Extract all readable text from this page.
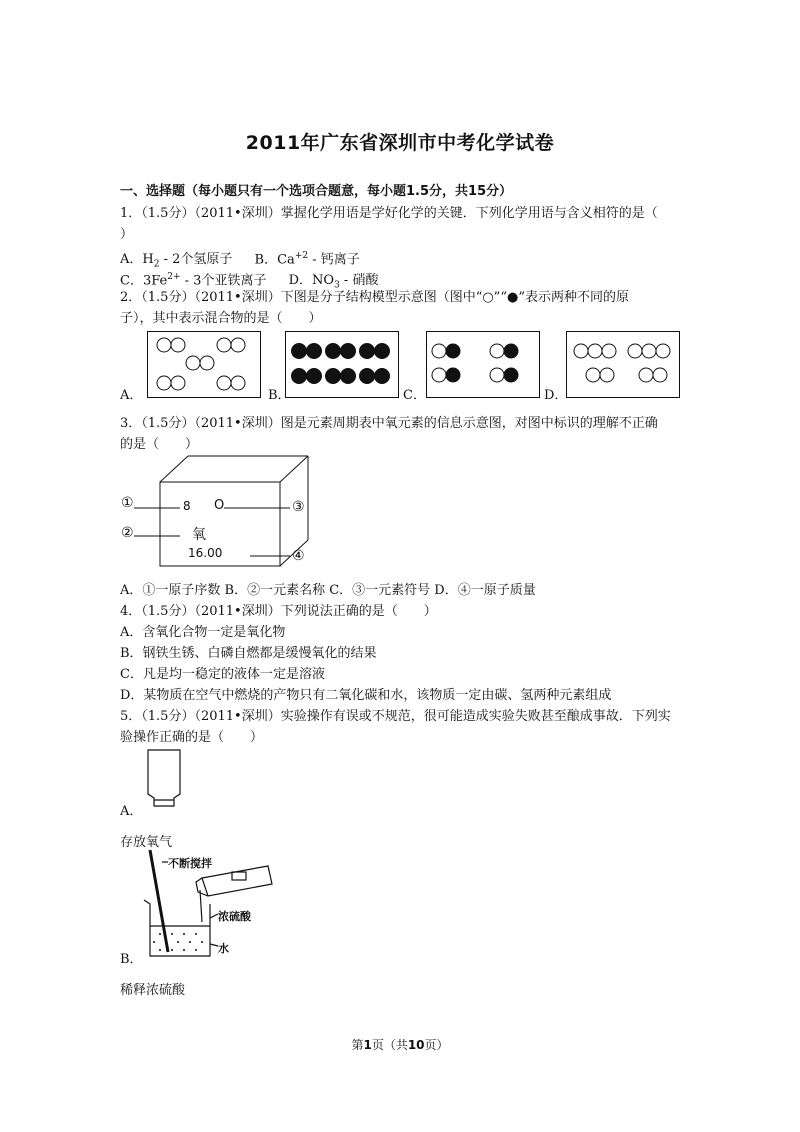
2011年广东省深圳市中考化学试卷
一、选择题（每小题只有一个选项合题意，每小题1.5分，共15分）
1．（1.5分）（2011•深圳）掌握化学用语是学好化学的关键．下列化学用语与含义相符的是（
）
A．$H_2 - 2$个氢原子 B．$Ca^{+2}$ - 钙离子
C．$3Fe^{2+} - 3$个亚铁离子 D．$NO_3$ - 硝酸
2．（1.5分）（2011•深圳）下图是分子结构模型示意图（图中“○”“●”表示两种不同的原
子），其中表示混合物的是（　　）
A．	B．	C．	D．
3．（1.5分）（2011•深圳）图是元素周期表中氧元素的信息示意图，对图中标识的理解不正确
的是（　　）
①
②
③
④
8 O
氧
16.00
A．①一原子序数 B．②一元素名称 C．③一元素符号 D．④一原子质量
4．（1.5分）（2011•深圳）下列说法正确的是（　　）
A．含氧化合物一定是氧化物
B．钢铁生锈、白磷自燃都是缓慢氧化的结果
C．凡是均一稳定的液体一定是溶液
D．某物质在空气中燃烧的产物只有二氧化碳和水，该物质一定由碳、氢两种元素组成
5．（1.5分）（2011•深圳）实验操作有误或不规范，很可能造成实验失败甚至酿成事故．下列实
验操作正确的是（　　）
A．
存放氧气
不断搅拌
浓硫酸
水
B．
稀释浓硫酸
第1页（共10页）
